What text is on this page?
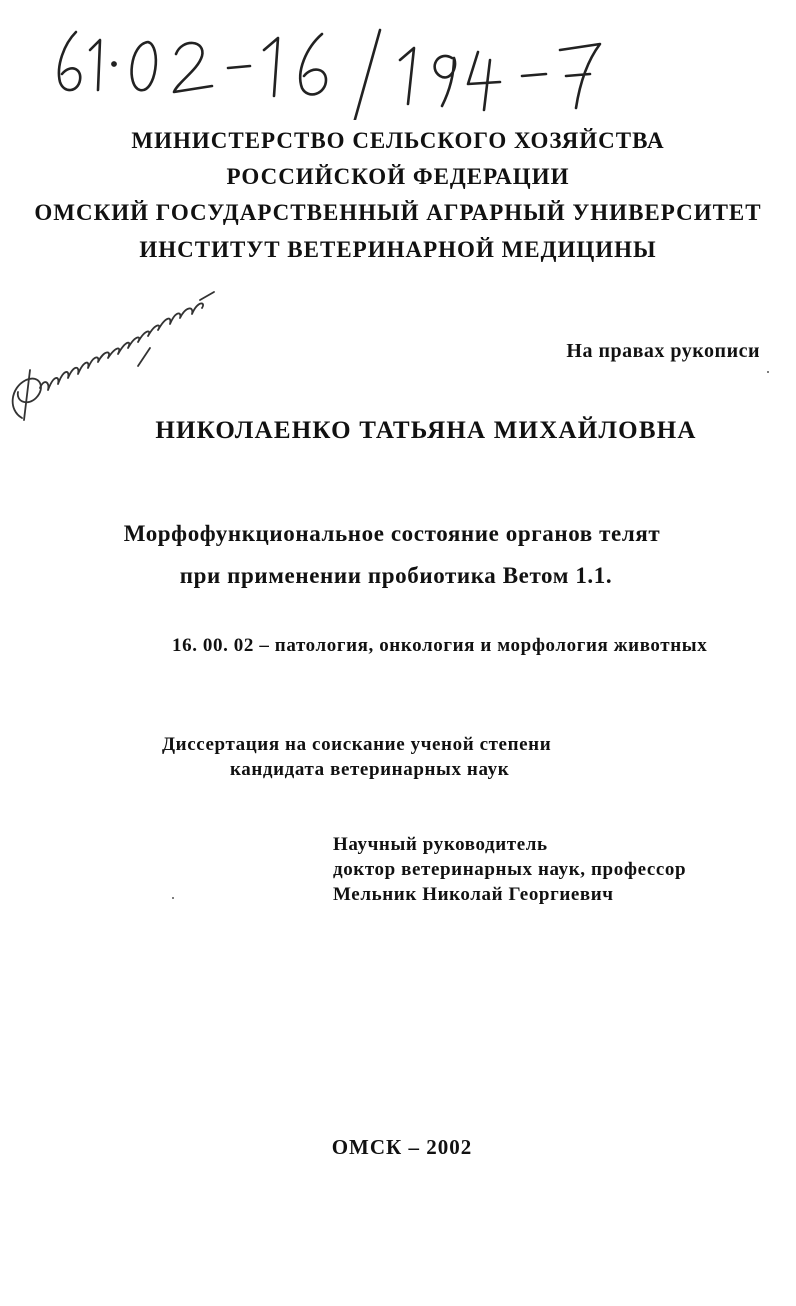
МИНИСТЕРСТВО СЕЛЬСКОГО ХОЗЯЙСТВА
РОССИЙСКОЙ ФЕДЕРАЦИИ
ОМСКИЙ ГОСУДАРСТВЕННЫЙ АГРАРНЫЙ УНИВЕРСИТЕТ
ИНСТИТУТ ВЕТЕРИНАРНОЙ МЕДИЦИНЫ
На правах рукописи
НИКОЛАЕНКО ТАТЬЯНА МИХАЙЛОВНА
Морфофункциональное состояние органов телят
при применении пробиотика Ветом 1.1.
16. 00. 02 – патология, онкология и морфология животных
Диссертация на соискание ученой степени
кандидата ветеринарных наук
Научный руководитель
доктор ветеринарных наук, профессор
Мельник Николай Георгиевич
ОМСК – 2002
